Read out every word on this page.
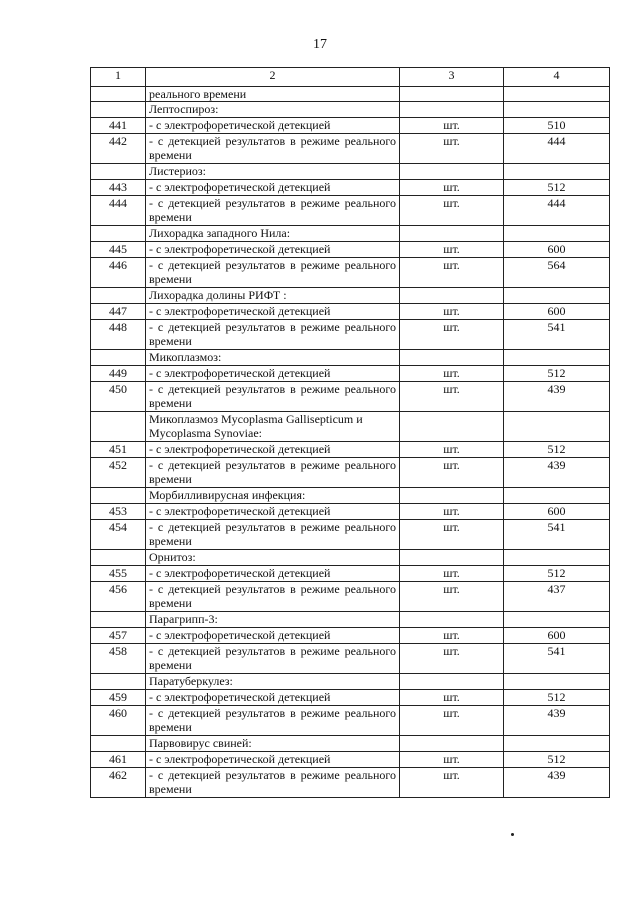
17
1	2	3	4
	реального времени		
	Лептоспироз:		
441	- с электрофоретической детекцией	шт.	510
442	- с детекцией результатов в режиме реального времени	шт.	444
	Листериоз:		
443	- с электрофоретической детекцией	шт.	512
444	- с детекцией результатов в режиме реального времени	шт.	444
	Лихорадка западного Нила:		
445	- с электрофоретической детекцией	шт.	600
446	- с детекцией результатов в режиме реального времени	шт.	564
	Лихорадка долины РИФТ :		
447	- с электрофоретической детекцией	шт.	600
448	- с детекцией результатов в режиме реального времени	шт.	541
	Микоплазмоз:		
449	- с электрофоретической детекцией	шт.	512
450	- с детекцией результатов в режиме реального времени	шт.	439
	Микоплазмоз Mycoplasma Gallisepticum и Mycoplasma Synoviae:		
451	- с электрофоретической детекцией	шт.	512
452	- с детекцией результатов в режиме реального времени	шт.	439
	Морбилливирусная инфекция:		
453	- с электрофоретической детекцией	шт.	600
454	- с детекцией результатов в режиме реального времени	шт.	541
	Орнитоз:		
455	- с электрофоретической детекцией	шт.	512
456	- с детекцией результатов в режиме реального времени	шт.	437
	Парагрипп-3:		
457	- с электрофоретической детекцией	шт.	600
458	- с детекцией результатов в режиме реального времени	шт.	541
	Паратуберкулез:		
459	- с электрофоретической детекцией	шт.	512
460	- с детекцией результатов в режиме реального времени	шт.	439
	Парвовирус свиней:		
461	- с электрофоретической детекцией	шт.	512
462	- с детекцией результатов в режиме реального времени	шт.	439
